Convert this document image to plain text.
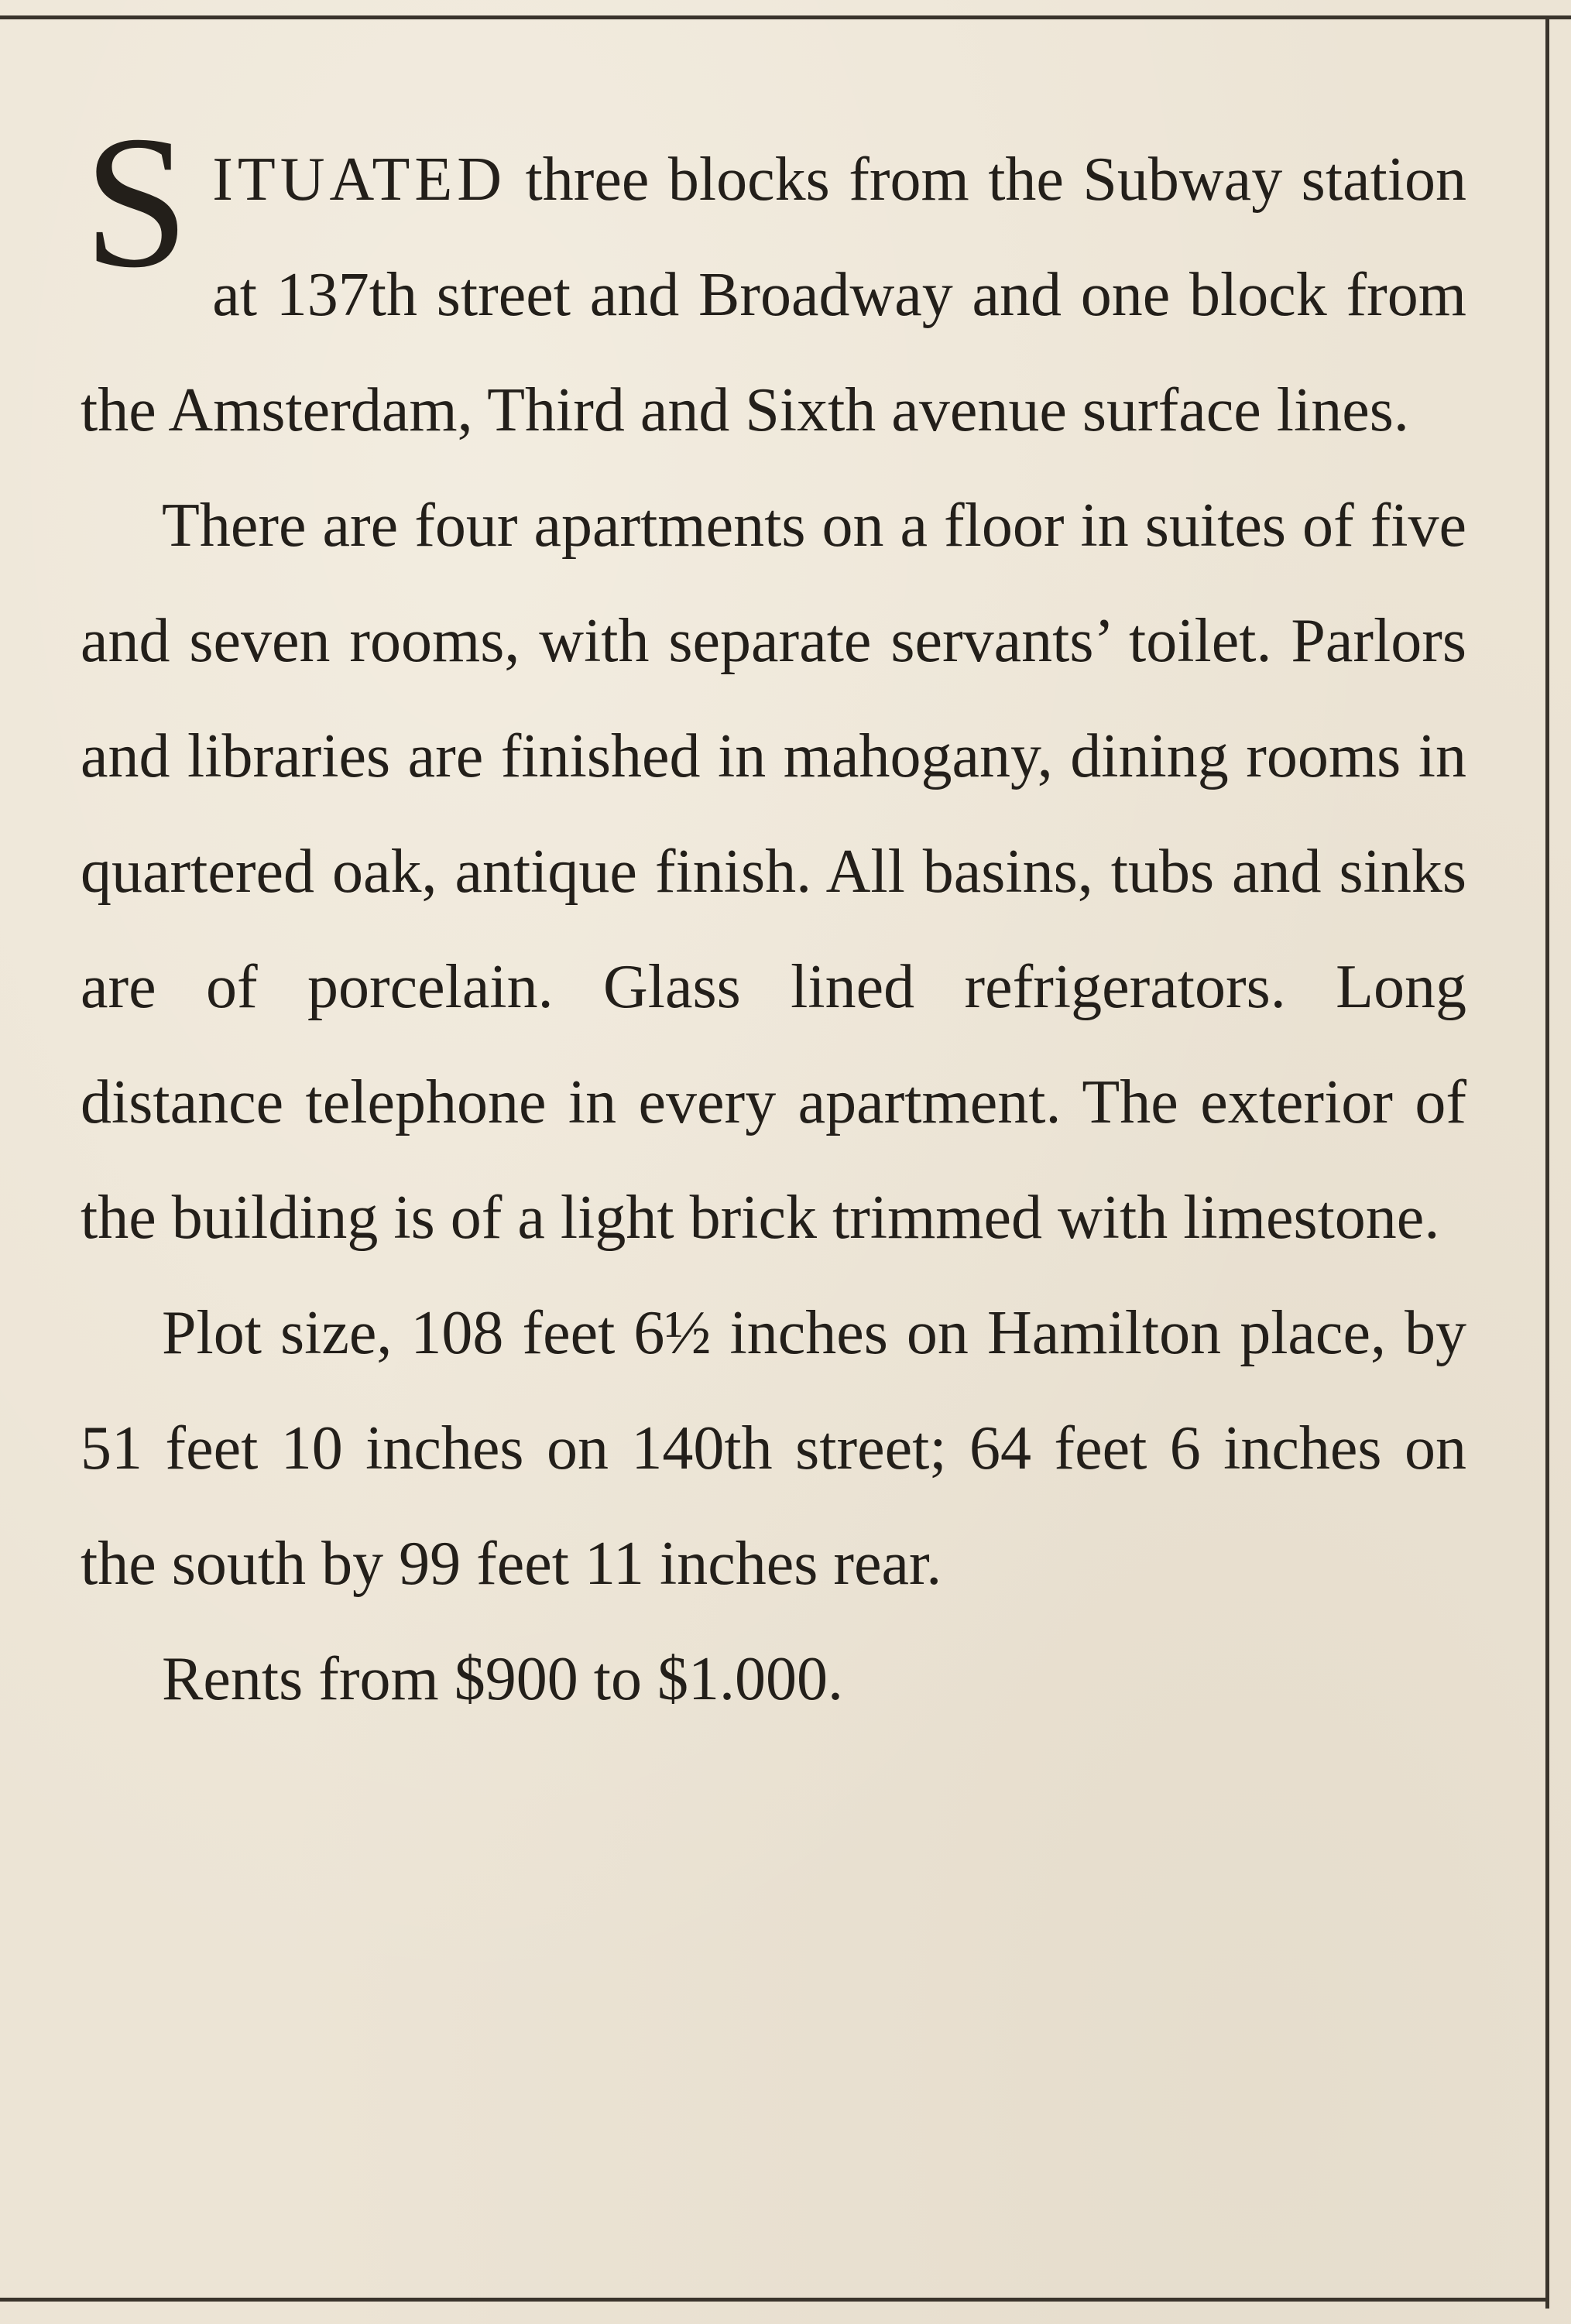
SITUATED three blocks from the Subway station at 137th street and Broadway and one block from the Amsterdam, Third and Sixth avenue surface lines.

There are four apartments on a floor in suites of five and seven rooms, with separate servants’ toilet. Parlors and libraries are finished in mahogany, dining rooms in quartered oak, antique finish. All basins, tubs and sinks are of porcelain. Glass lined refrigerators. Long distance telephone in every apartment. The exterior of the building is of a light brick trimmed with limestone.

Plot size, 108 feet 6½ inches on Hamilton place, by 51 feet 10 inches on 140th street; 64 feet 6 inches on the south by 99 feet 11 inches rear.

Rents from $900 to $1.000.
